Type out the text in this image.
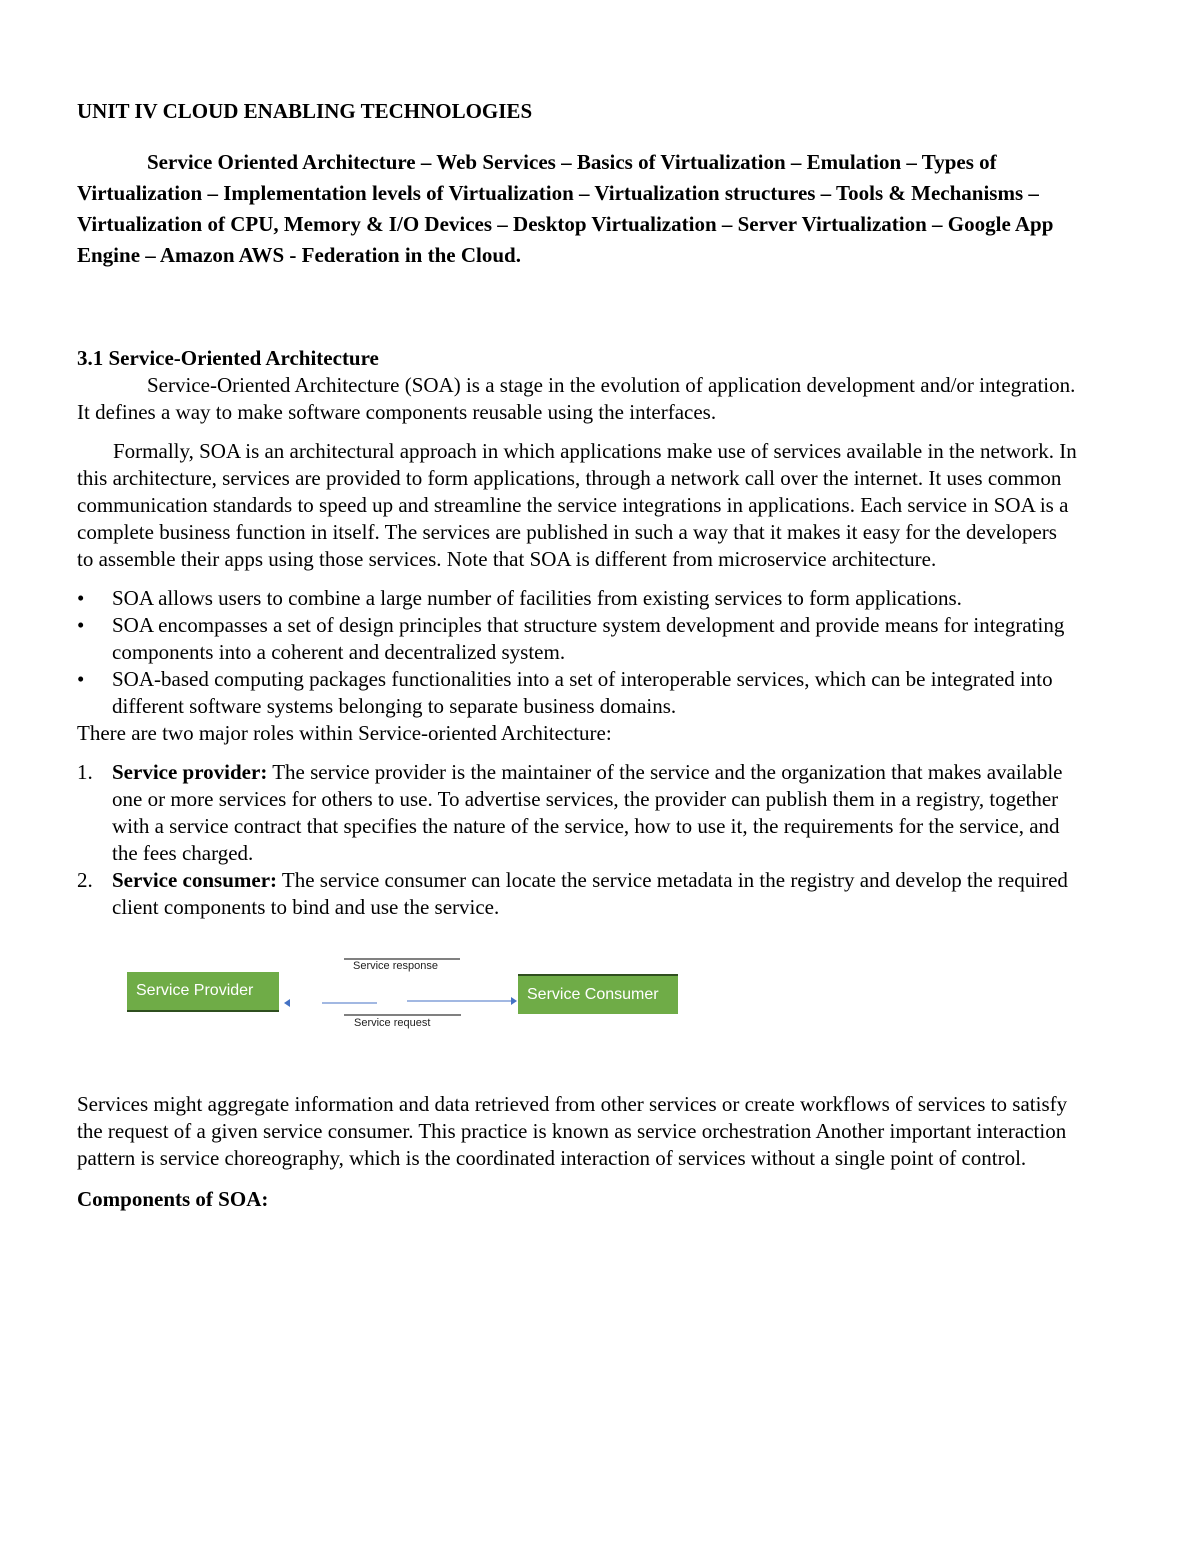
UNIT IV CLOUD ENABLING TECHNOLOGIES

Service Oriented Architecture – Web Services – Basics of Virtualization – Emulation – Types of Virtualization – Implementation levels of Virtualization – Virtualization structures – Tools & Mechanisms – Virtualization of CPU, Memory & I/O Devices – Desktop Virtualization – Server Virtualization – Google App Engine – Amazon AWS - Federation in the Cloud.

3.1 Service-Oriented Architecture

Service-Oriented Architecture (SOA) is a stage in the evolution of application development and/or integration. It defines a way to make software components reusable using the interfaces.

Formally, SOA is an architectural approach in which applications make use of services available in the network. In this architecture, services are provided to form applications, through a network call over the internet. It uses common communication standards to speed up and streamline the service integrations in applications. Each service in SOA is a complete business function in itself. The services are published in such a way that it makes it easy for the developers to assemble their apps using those services. Note that SOA is different from microservice architecture.

• SOA allows users to combine a large number of facilities from existing services to form applications.
• SOA encompasses a set of design principles that structure system development and provide means for integrating components into a coherent and decentralized system.
• SOA-based computing packages functionalities into a set of interoperable services, which can be integrated into different software systems belonging to separate business domains.

There are two major roles within Service-oriented Architecture:

1. Service provider: The service provider is the maintainer of the service and the organization that makes available one or more services for others to use. To advertise services, the provider can publish them in a registry, together with a service contract that specifies the nature of the service, how to use it, the requirements for the service, and the fees charged.
2. Service consumer: The service consumer can locate the service metadata in the registry and develop the required client components to bind and use the service.
Service response
Service Provider	Service Consumer
Service request

Services might aggregate information and data retrieved from other services or create workflows of services to satisfy the request of a given service consumer. This practice is known as service orchestration Another important interaction pattern is service choreography, which is the coordinated interaction of services without a single point of control.

Components of SOA:
